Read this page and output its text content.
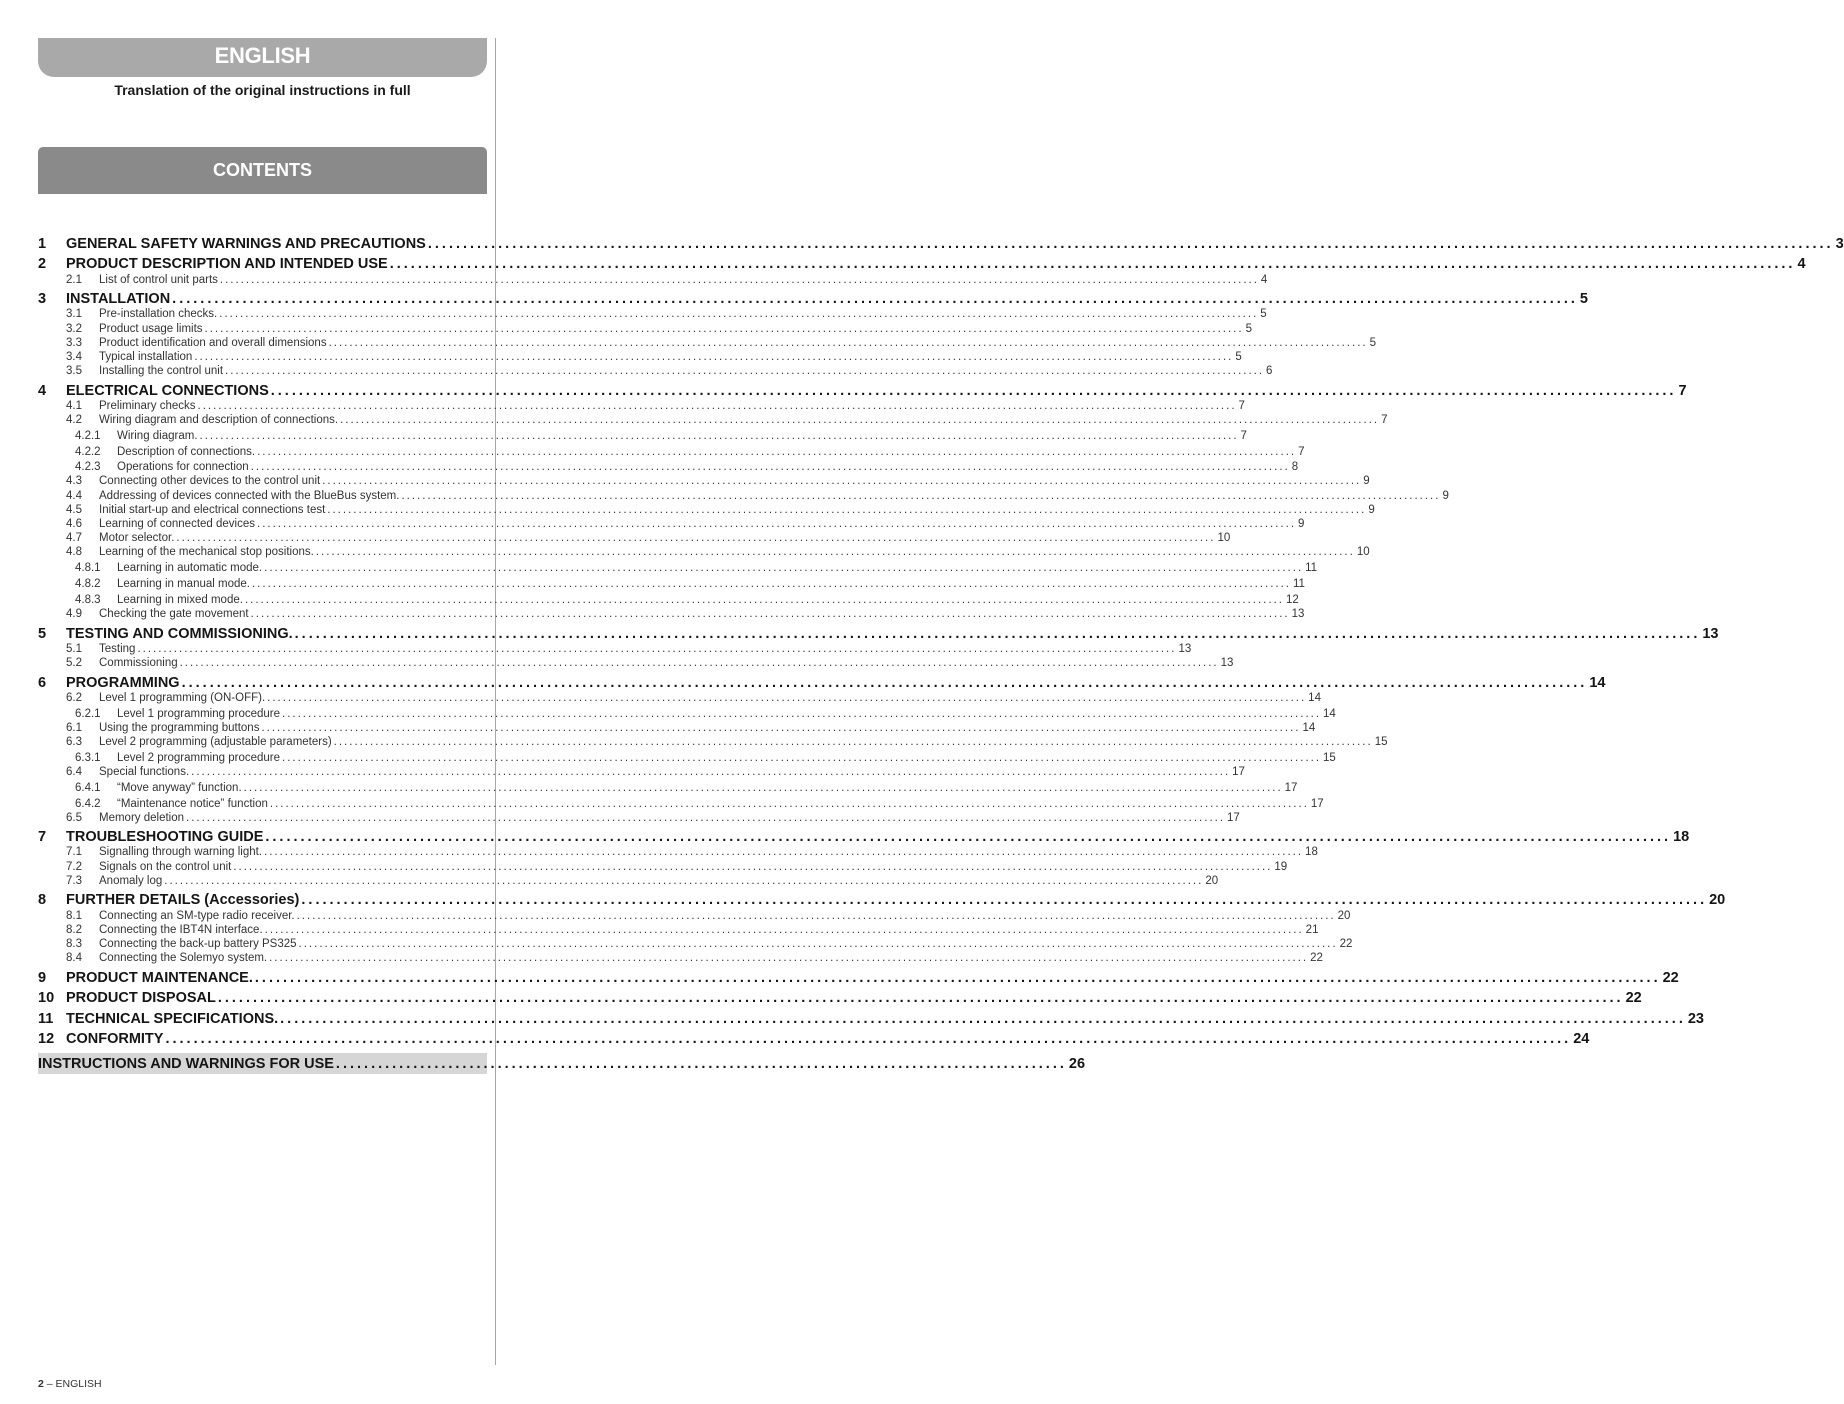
ENGLISH
Translation of the original instructions in full
CONTENTS
1	GENERAL SAFETY WARNINGS AND PRECAUTIONS ........................................................................................................................................................................................................ 3
2	PRODUCT DESCRIPTION AND INTENDED USE ........................................................................................................................................................................................................ 4
2.1	List of control unit parts ........................................................................................................................................................................................................ 4
3	INSTALLATION ........................................................................................................................................................................................................ 5
3.1	Pre-installation checks. ........................................................................................................................................................................................................ 5
3.2	Product usage limits ........................................................................................................................................................................................................ 5
3.3	Product identification and overall dimensions ........................................................................................................................................................................................................ 5
3.4	Typical installation ........................................................................................................................................................................................................ 5
3.5	Installing the control unit ........................................................................................................................................................................................................ 6
4	ELECTRICAL CONNECTIONS ........................................................................................................................................................................................................ 7
4.1	Preliminary checks ........................................................................................................................................................................................................ 7
4.2	Wiring diagram and description of connections. ........................................................................................................................................................................................................ 7
4.2.1	Wiring diagram. ........................................................................................................................................................................................................ 7
4.2.2	Description of connections. ........................................................................................................................................................................................................ 7
4.2.3	Operations for connection ........................................................................................................................................................................................................ 8
4.3	Connecting other devices to the control unit ........................................................................................................................................................................................................ 9
4.4	Addressing of devices connected with the BlueBus system. ........................................................................................................................................................................................................ 9
4.5	Initial start-up and electrical connections test ........................................................................................................................................................................................................ 9
4.6	Learning of connected devices ........................................................................................................................................................................................................ 9
4.7	Motor selector. ........................................................................................................................................................................................................ 10
4.8	Learning of the mechanical stop positions. ........................................................................................................................................................................................................ 10
4.8.1	Learning in automatic mode. ........................................................................................................................................................................................................ 11
4.8.2	Learning in manual mode. ........................................................................................................................................................................................................ 11
4.8.3	Learning in mixed mode. ........................................................................................................................................................................................................ 12
4.9	Checking the gate movement ........................................................................................................................................................................................................ 13
5	TESTING AND COMMISSIONING. ........................................................................................................................................................................................................ 13
5.1	Testing ........................................................................................................................................................................................................ 13
5.2	Commissioning ........................................................................................................................................................................................................ 13
6	PROGRAMMING ........................................................................................................................................................................................................ 14
6.2	Level 1 programming (ON-OFF). ........................................................................................................................................................................................................ 14
6.2.1	Level 1 programming procedure ........................................................................................................................................................................................................ 14
6.1	Using the programming buttons ........................................................................................................................................................................................................ 14
6.3	Level 2 programming (adjustable parameters) ........................................................................................................................................................................................................ 15
6.3.1	Level 2 programming procedure ........................................................................................................................................................................................................ 15
6.4	Special functions. ........................................................................................................................................................................................................ 17
6.4.1	“Move anyway” function. ........................................................................................................................................................................................................ 17
6.4.2	“Maintenance notice” function ........................................................................................................................................................................................................ 17
6.5	Memory deletion ........................................................................................................................................................................................................ 17
7	TROUBLESHOOTING GUIDE ........................................................................................................................................................................................................ 18
7.1	Signalling through warning light. ........................................................................................................................................................................................................ 18
7.2	Signals on the control unit ........................................................................................................................................................................................................ 19
7.3	Anomaly log ........................................................................................................................................................................................................ 20
8	FURTHER DETAILS (Accessories) ........................................................................................................................................................................................................ 20
8.1	Connecting an SM-type radio receiver. ........................................................................................................................................................................................................ 20
8.2	Connecting the IBT4N interface. ........................................................................................................................................................................................................ 21
8.3	Connecting the back-up battery PS325 ........................................................................................................................................................................................................ 22
8.4	Connecting the Solemyo system. ........................................................................................................................................................................................................ 22
9	PRODUCT MAINTENANCE. ........................................................................................................................................................................................................ 22
10 PRODUCT DISPOSAL ........................................................................................................................................................................................................ 22
11 TECHNICAL SPECIFICATIONS. ........................................................................................................................................................................................................ 23
12 CONFORMITY ........................................................................................................................................................................................................ 24
INSTRUCTIONS AND WARNINGS FOR USE ........................................................................................................ 26
2 – ENGLISH
